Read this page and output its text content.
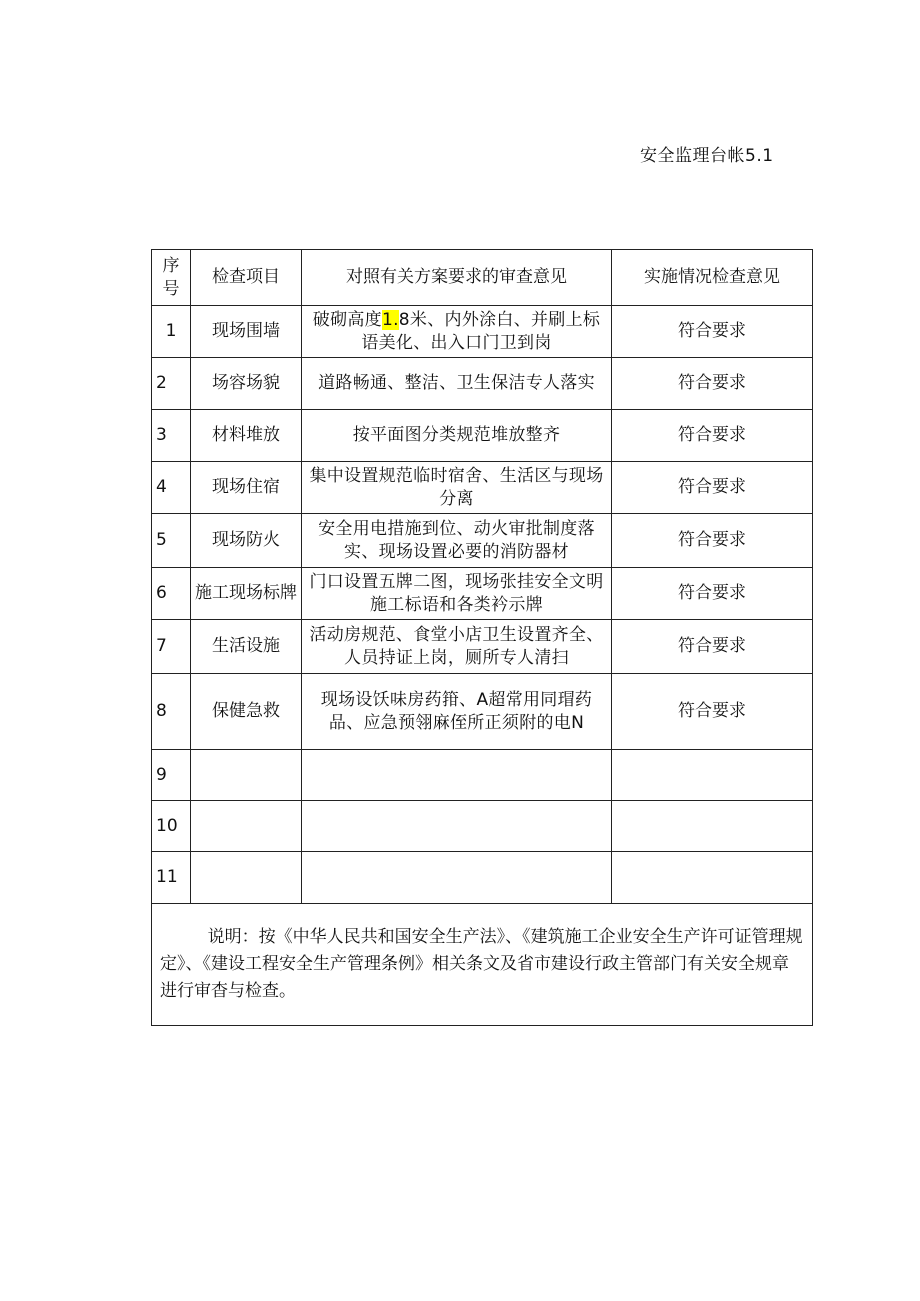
安全监理台帐5.1
序号	检查项目	对照有关方案要求的审查意见	实施情况检查意见
1	现场围墙	破砌高度1.8米、内外涂白、并刷上标语美化、出入口门卫到岗	符合要求
2	场容场貌	道路畅通、整洁、卫生保洁专人落实	符合要求
3	材料堆放	按平面图分类规范堆放整齐	符合要求
4	现场住宿	集中设置规范临时宿舍、生活区与现场分离	符合要求
5	现场防火	安全用电措施到位、动火审批制度落实、现场设置必要的消防器材	符合要求
6	施工现场标牌	门口设置五牌二图，现场张挂安全文明施工标语和各类衿示牌	符合要求
7	生活设施	活动房规范、食堂小店卫生设置齐全、人员持证上岗，厕所专人清扫	符合要求
8	保健急救	现场设饫味房药箝、A超常用同瑁药品、应急预翎麻侄所正须附的电N	符合要求
9			
10			
11			

说明：按《中华人民共和国安全生产法》、《建筑施工企业安全生产许可证管理规定》、《建设工程安全生产管理条例》相关条文及省市建设行政主管部门有关安全规章进行审杳与检查。			
